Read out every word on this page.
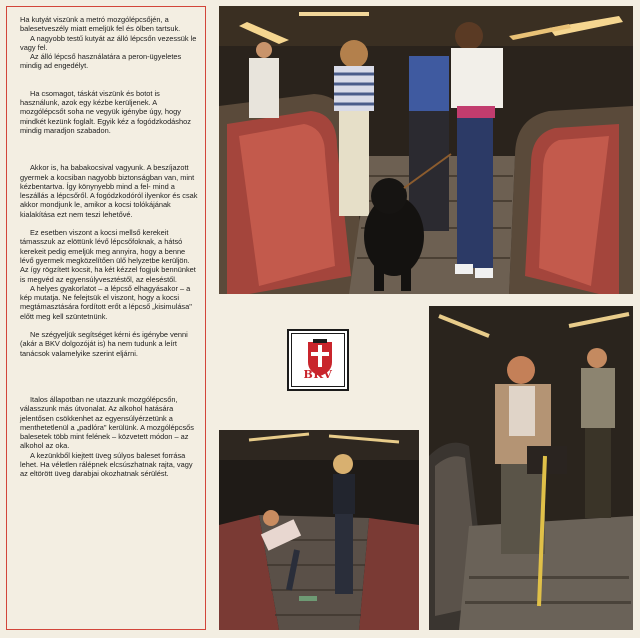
Ha kutyát viszünk a metró mozgólépcsőjén, a balesetveszély miatt emeljük fel és ölben tartsuk.

A nagyobb testű kutyát az álló lépcsőn vezessük le vagy fel.

Az álló lépcső használatára a peron-ügyeletes mindig ad engedélyt.

Ha csomagot, táskát viszünk és botot is használunk, azok egy kézbe kerüljenek. A mozgólépcsőt soha ne vegyük igénybe úgy, hogy mindkét kezünk foglalt. Egyik kéz a fogódzkodáshoz mindig maradjon szabadon.

Akkor is, ha babakocsival vagyunk. A beszíjazott gyermek a kocsiban nagyobb biztonságban van, mint kézbentartva. Így könynyebb mind a fel- mind a leszállás a lépcsőről. A fogódzkodóról ilyenkor és csak akkor mondjunk le, amikor a kocsi tolókájának kialakítása ezt nem teszi lehetővé.

Ez esetben viszont a kocsi mellső kerekeit támasszuk az elöttünk lévő lépcsőfoknak, a hátsó kerekeit pedig emeljük meg annyira, hogy a benne lévő gyermek megközelítően ülő helyzetbe kerüljön. Az így rögzített kocsit, ha két kézzel fogjuk bennünket is megvéd az egyensúlyvesztéstől, az eleséstől.

A helyes gyakorlatot – a lépcső elhagyásakor – a kép mutatja. Ne felejtsük el viszont, hogy a kocsi megtámasztására fordított erőt a lépcső „kisimulása" előtt meg kell szüntetnünk.

Ne szégyeljük segítséget kérni és igénybe venni (akár a BKV dolgozóját is) ha nem tudunk a leírt tanácsok valamelyike szerint eljárni.

Italos állapotban ne utazzunk mozgólépcsőn, válasszunk más útvonalat. Az alkohol hatására jelentősen csökkenhet az egyensúlyérzetünk a menthetetlenül a „padlóra" kerülünk. A mozgólépcsős balesetek több mint felének – közvetett módon – az alkohol az oka.

A kezünkből kiejtett üveg súlyos baleset forrása lehet. Ha véletlen rálépnek elcsúszhatnak rajta, vagy az eltörött üveg darabjai okozhatnak sérülést.

BKV
